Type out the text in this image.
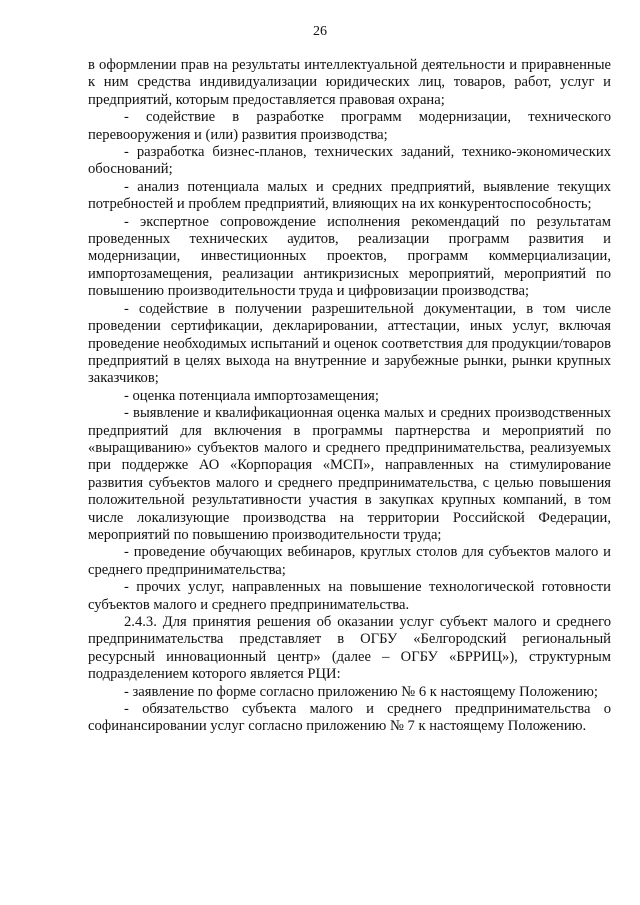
26

в оформлении прав на результаты интеллектуальной деятельности и приравненные к ним средства индивидуализации юридических лиц, товаров, работ, услуг и предприятий, которым предоставляется правовая охрана;

- содействие в разработке программ модернизации, технического перевооружения и (или) развития производства;

- разработка бизнес-планов, технических заданий, технико-экономических обоснований;

- анализ потенциала малых и средних предприятий, выявление текущих потребностей и проблем предприятий, влияющих на их конкурентоспособность;

- экспертное сопровождение исполнения рекомендаций по результатам проведенных технических аудитов, реализации программ развития и модернизации, инвестиционных проектов, программ коммерциализации, импортозамещения, реализации антикризисных мероприятий, мероприятий по повышению производительности труда и цифровизации производства;

- содействие в получении разрешительной документации, в том числе проведении сертификации, декларировании, аттестации, иных услуг, включая проведение необходимых испытаний и оценок соответствия для продукции/товаров предприятий в целях выхода на внутренние и зарубежные рынки, рынки крупных заказчиков;

- оценка потенциала импортозамещения;

- выявление и квалификационная оценка малых и средних производственных предприятий для включения в программы партнерства и мероприятий по «выращиванию» субъектов малого и среднего предпринимательства, реализуемых при поддержке АО «Корпорация «МСП», направленных на стимулирование развития субъектов малого и среднего предпринимательства, с целью повышения положительной результативности участия в закупках крупных компаний, в том числе локализующие производства на территории Российской Федерации, мероприятий по повышению производительности труда;

- проведение обучающих вебинаров, круглых столов для субъектов малого и среднего предпринимательства;

- прочих услуг, направленных на повышение технологической готовности субъектов малого и среднего предпринимательства.

2.4.3. Для принятия решения об оказании услуг субъект малого и среднего предпринимательства представляет в ОГБУ «Белгородский региональный ресурсный инновационный центр» (далее – ОГБУ «БРРИЦ»), структурным подразделением которого является РЦИ:

- заявление по форме согласно приложению № 6 к настоящему Положению;

- обязательство субъекта малого и среднего предпринимательства о софинансировании услуг согласно приложению № 7 к настоящему Положению.
